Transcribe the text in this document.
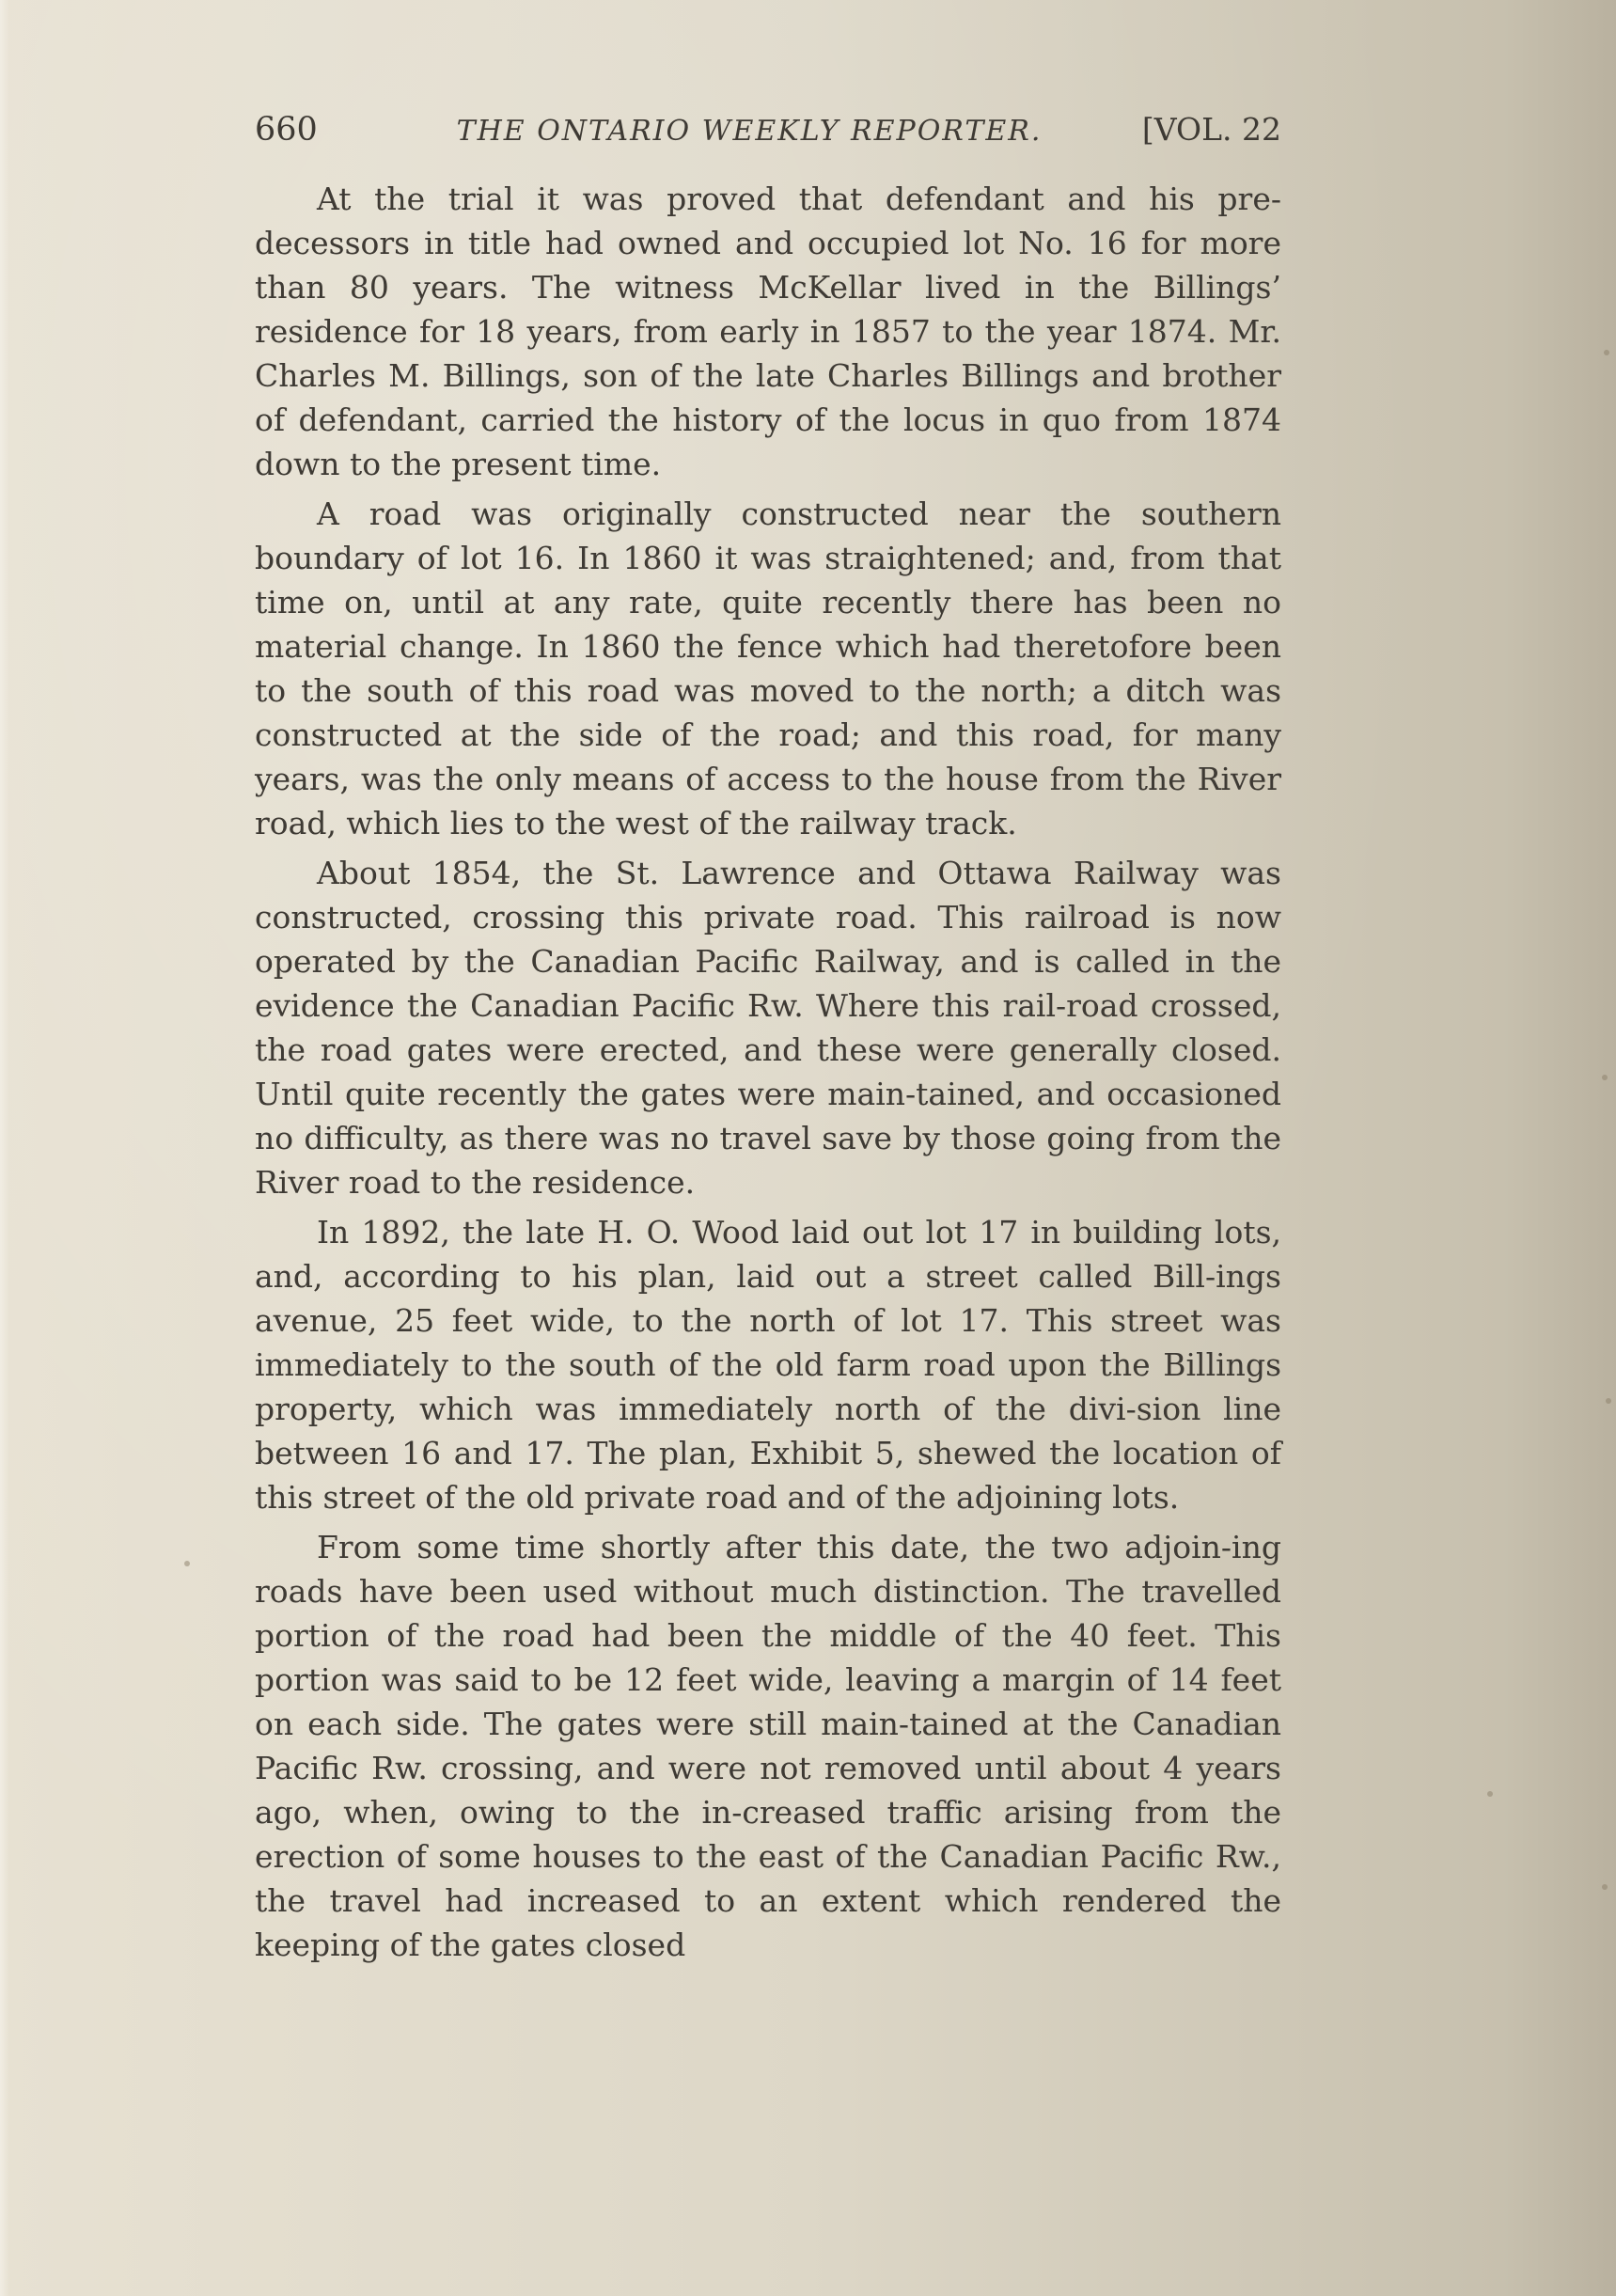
660	THE ONTARIO WEEKLY REPORTER.	[VOL. 22

At the trial it was proved that defendant and his pre-decessors in title had owned and occupied lot No. 16 for more than 80 years. The witness McKellar lived in the Billings’ residence for 18 years, from early in 1857 to the year 1874. Mr. Charles M. Billings, son of the late Charles Billings and brother of defendant, carried the history of the locus in quo from 1874 down to the present time.

A road was originally constructed near the southern boundary of lot 16. In 1860 it was straightened; and, from that time on, until at any rate, quite recently there has been no material change. In 1860 the fence which had theretofore been to the south of this road was moved to the north; a ditch was constructed at the side of the road; and this road, for many years, was the only means of access to the house from the River road, which lies to the west of the railway track.

About 1854, the St. Lawrence and Ottawa Railway was constructed, crossing this private road. This railroad is now operated by the Canadian Pacific Railway, and is called in the evidence the Canadian Pacific Rw. Where this rail-road crossed, the road gates were erected, and these were generally closed. Until quite recently the gates were main-tained, and occasioned no difficulty, as there was no travel save by those going from the River road to the residence.

In 1892, the late H. O. Wood laid out lot 17 in building lots, and, according to his plan, laid out a street called Bill-ings avenue, 25 feet wide, to the north of lot 17. This street was immediately to the south of the old farm road upon the Billings property, which was immediately north of the divi-sion line between 16 and 17. The plan, Exhibit 5, shewed the location of this street of the old private road and of the adjoining lots.

From some time shortly after this date, the two adjoin-ing roads have been used without much distinction. The travelled portion of the road had been the middle of the 40 feet. This portion was said to be 12 feet wide, leaving a margin of 14 feet on each side. The gates were still main-tained at the Canadian Pacific Rw. crossing, and were not removed until about 4 years ago, when, owing to the in-creased traffic arising from the erection of some houses to the east of the Canadian Pacific Rw., the travel had increased to an extent which rendered the keeping of the gates closed
